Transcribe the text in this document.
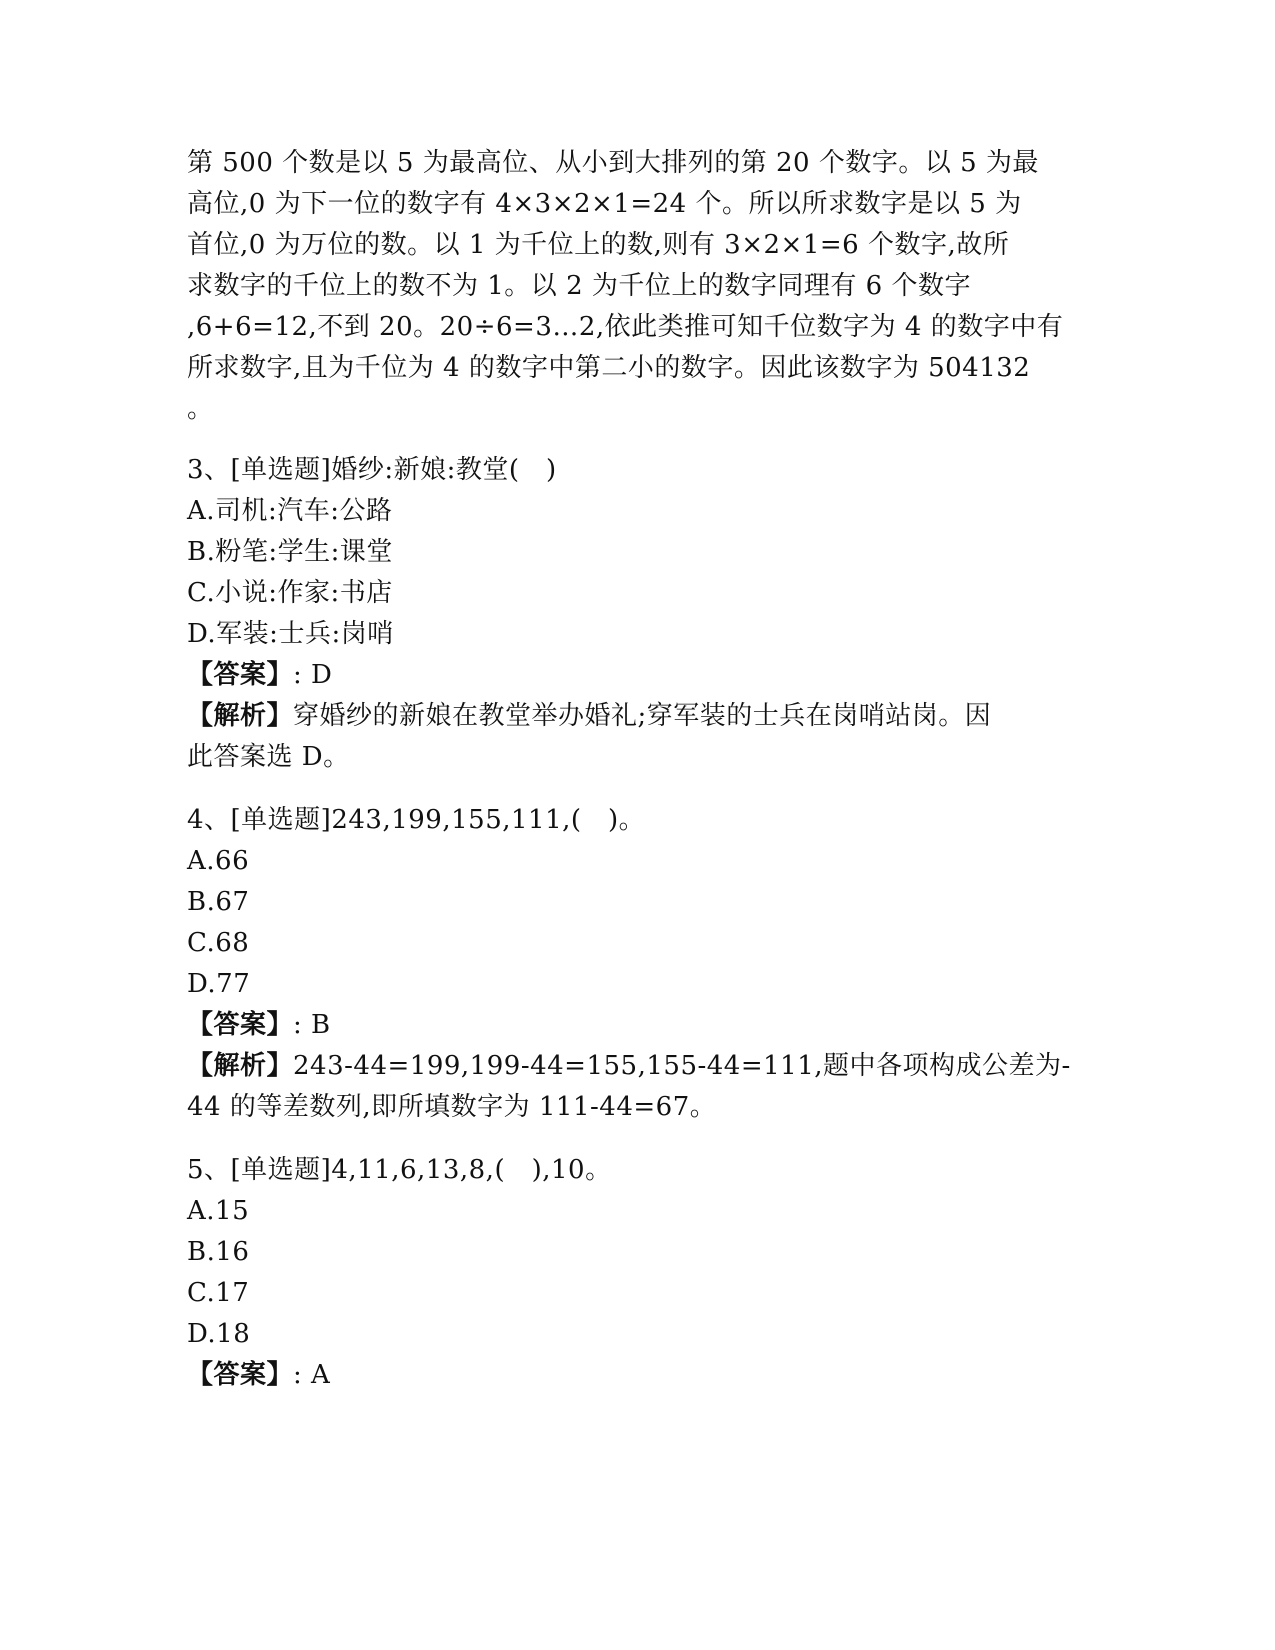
第 500 个数是以 5 为最高位、从小到大排列的第 20 个数字。以 5 为最
高位,0 为下一位的数字有 4×3×2×1=24 个。所以所求数字是以 5 为
首位,0 为万位的数。以 1 为千位上的数,则有 3×2×1=6 个数字,故所
求数字的千位上的数不为 1。以 2 为千位上的数字同理有 6 个数字
,6+6=12,不到 20。20÷6=3…2,依此类推可知千位数字为 4 的数字中有
所求数字,且为千位为 4 的数字中第二小的数字。因此该数字为 504132
。
3、[单选题]婚纱:新娘:教堂(　)
A.司机:汽车:公路
B.粉笔:学生:课堂
C.小说:作家:书店
D.军装:士兵:岗哨
【答案】: D
【解析】穿婚纱的新娘在教堂举办婚礼;穿军装的士兵在岗哨站岗。因
此答案选 D。
4、[单选题]243,199,155,111,(　)。
A.66
B.67
C.68
D.77
【答案】: B
【解析】243-44=199,199-44=155,155-44=111,题中各项构成公差为-
44 的等差数列,即所填数字为 111-44=67。
5、[单选题]4,11,6,13,8,(　),10。
A.15
B.16
C.17
D.18
【答案】: A
